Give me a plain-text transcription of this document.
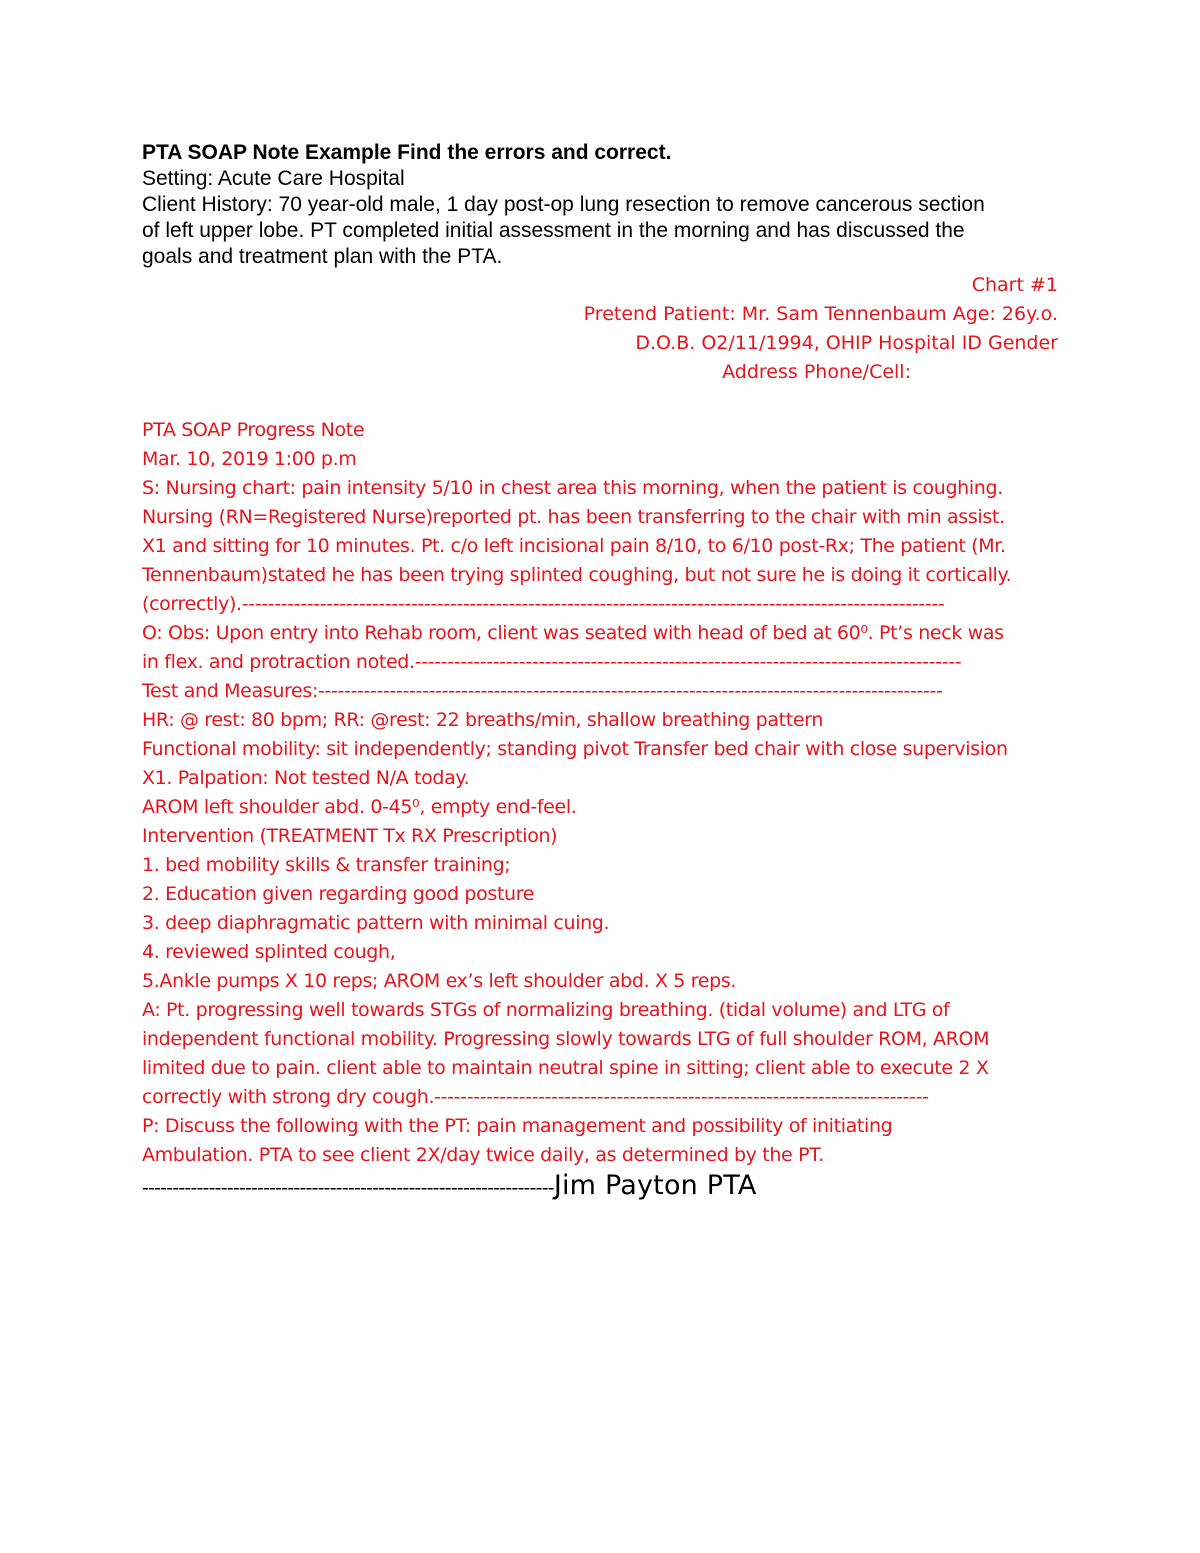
PTA SOAP Note Example Find the errors and correct.

Setting: Acute Care Hospital

Client History: 70 year-old male, 1 day post-op lung resection to remove cancerous section

of left upper lobe. PT completed initial assessment in the morning and has discussed the

goals and treatment plan with the PTA.

Chart #1
Pretend Patient: Mr. Sam Tennenbaum Age: 26y.o.
D.O.B. O2/11/1994, OHIP Hospital ID Gender
Address Phone/Cell:

PTA SOAP Progress Note

Mar. 10, 2019 1:00 p.m

S: Nursing chart: pain intensity 5/10 in chest area this morning, when the patient is coughing.

Nursing (RN=Registered Nurse)reported pt. has been transferring to the chair with min assist.

X1 and sitting for 10 minutes. Pt. c/o left incisional pain 8/10, to 6/10 post-Rx; The patient (Mr.

Tennenbaum)stated he has been trying splinted coughing, but not sure he is doing it cortically.

(correctly).------------------------------------------------------------------------------------------------------------

O: Obs: Upon entry into Rehab room, client was seated with head of bed at 60⁰. Pt’s neck was

in flex. and protraction noted.------------------------------------------------------------------------------------

Test and Measures:------------------------------------------------------------------------------------------------

HR: @ rest: 80 bpm; RR: @rest: 22 breaths/min, shallow breathing pattern

Functional mobility: sit independently; standing pivot Transfer bed chair with close supervision

X1. Palpation: Not tested N/A today.

AROM left shoulder abd. 0-45⁰, empty end-feel.

Intervention (TREATMENT Tx RX Prescription)

1. bed mobility skills & transfer training;

2. Education given regarding good posture

3. deep diaphragmatic pattern with minimal cuing.

4. reviewed splinted cough,

5.Ankle pumps X 10 reps; AROM ex’s left shoulder abd. X 5 reps.

A: Pt. progressing well towards STGs of normalizing breathing. (tidal volume) and LTG of

independent functional mobility. Progressing slowly towards LTG of full shoulder ROM, AROM

limited due to pain. client able to maintain neutral spine in sitting; client able to execute 2 X

correctly with strong dry cough.----------------------------------------------------------------------------

P: Discuss the following with the PT: pain management and possibility of initiating

Ambulation. PTA to see client 2X/day twice daily, as determined by the PT.

--------------------------------------------------------------------Jim Payton PTA
